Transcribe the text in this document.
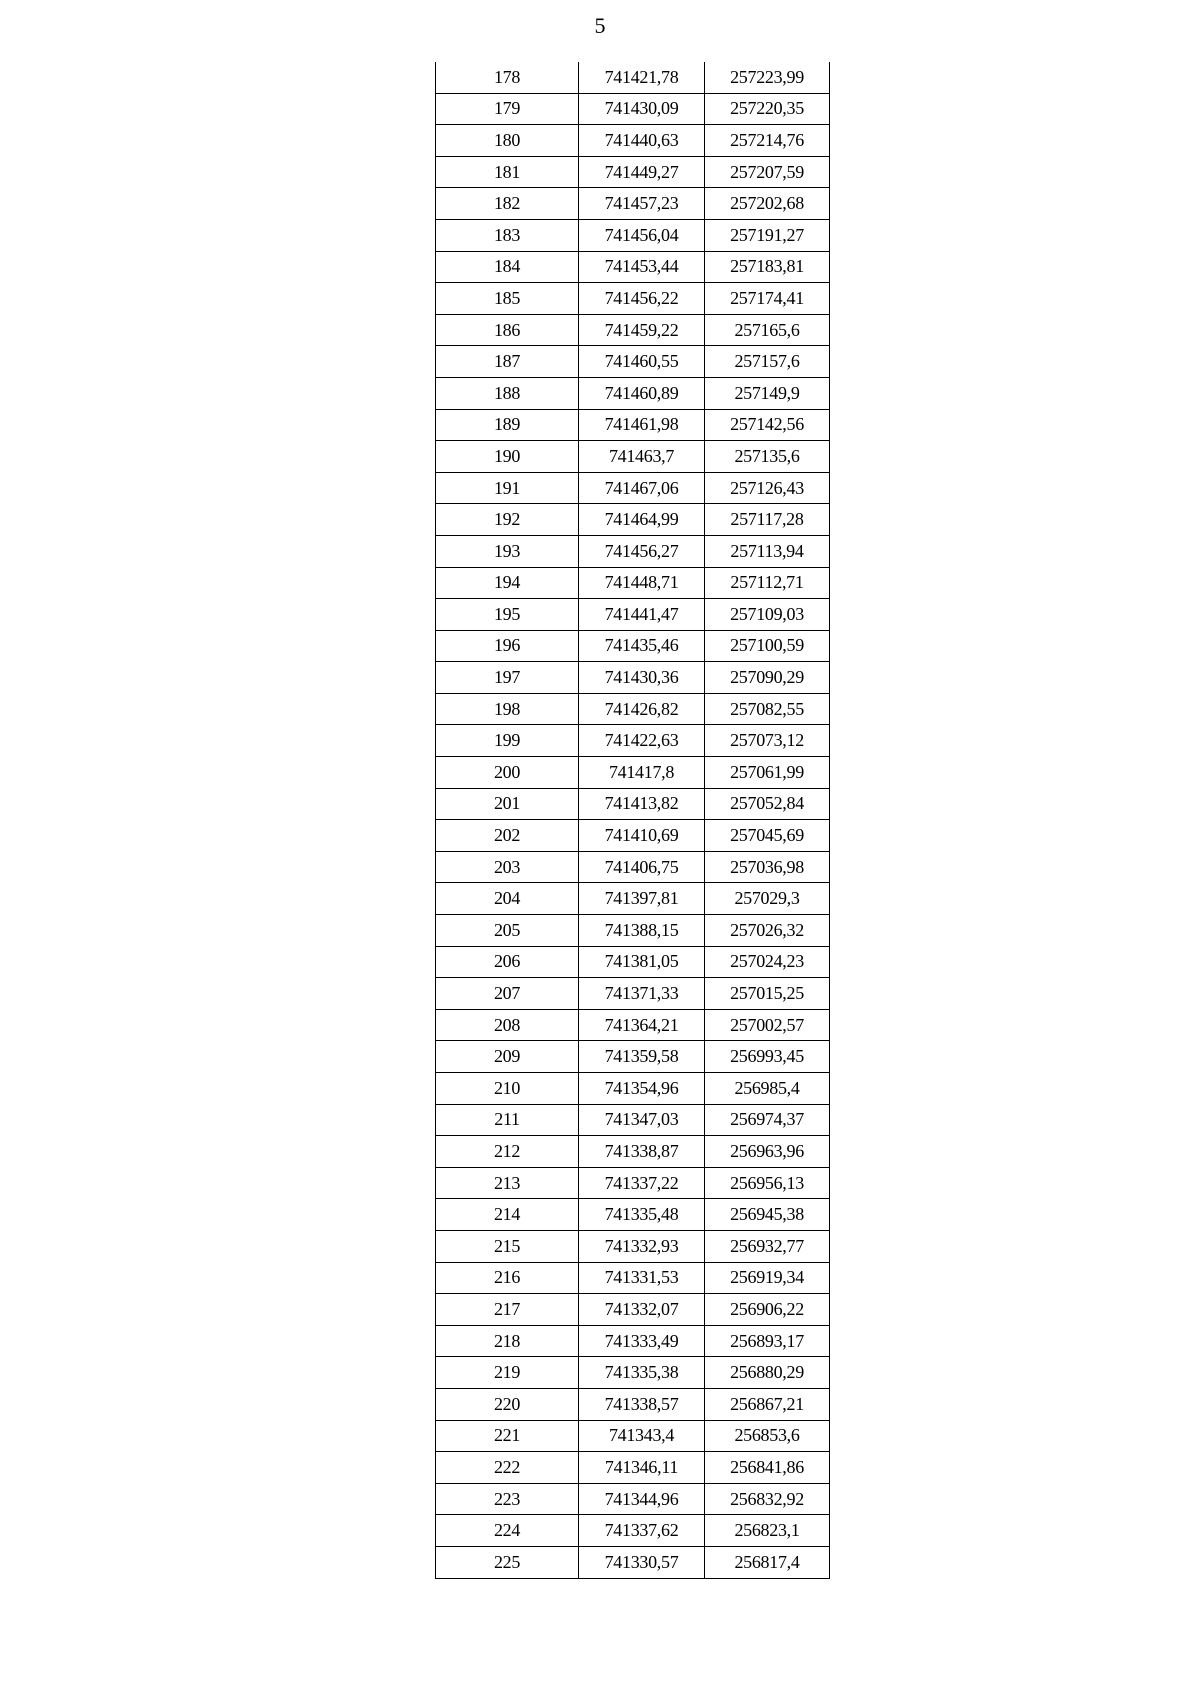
5
178	741421,78	257223,99
179	741430,09	257220,35
180	741440,63	257214,76
181	741449,27	257207,59
182	741457,23	257202,68
183	741456,04	257191,27
184	741453,44	257183,81
185	741456,22	257174,41
186	741459,22	257165,6
187	741460,55	257157,6
188	741460,89	257149,9
189	741461,98	257142,56
190	741463,7	257135,6
191	741467,06	257126,43
192	741464,99	257117,28
193	741456,27	257113,94
194	741448,71	257112,71
195	741441,47	257109,03
196	741435,46	257100,59
197	741430,36	257090,29
198	741426,82	257082,55
199	741422,63	257073,12
200	741417,8	257061,99
201	741413,82	257052,84
202	741410,69	257045,69
203	741406,75	257036,98
204	741397,81	257029,3
205	741388,15	257026,32
206	741381,05	257024,23
207	741371,33	257015,25
208	741364,21	257002,57
209	741359,58	256993,45
210	741354,96	256985,4
211	741347,03	256974,37
212	741338,87	256963,96
213	741337,22	256956,13
214	741335,48	256945,38
215	741332,93	256932,77
216	741331,53	256919,34
217	741332,07	256906,22
218	741333,49	256893,17
219	741335,38	256880,29
220	741338,57	256867,21
221	741343,4	256853,6
222	741346,11	256841,86
223	741344,96	256832,92
224	741337,62	256823,1
225	741330,57	256817,4
